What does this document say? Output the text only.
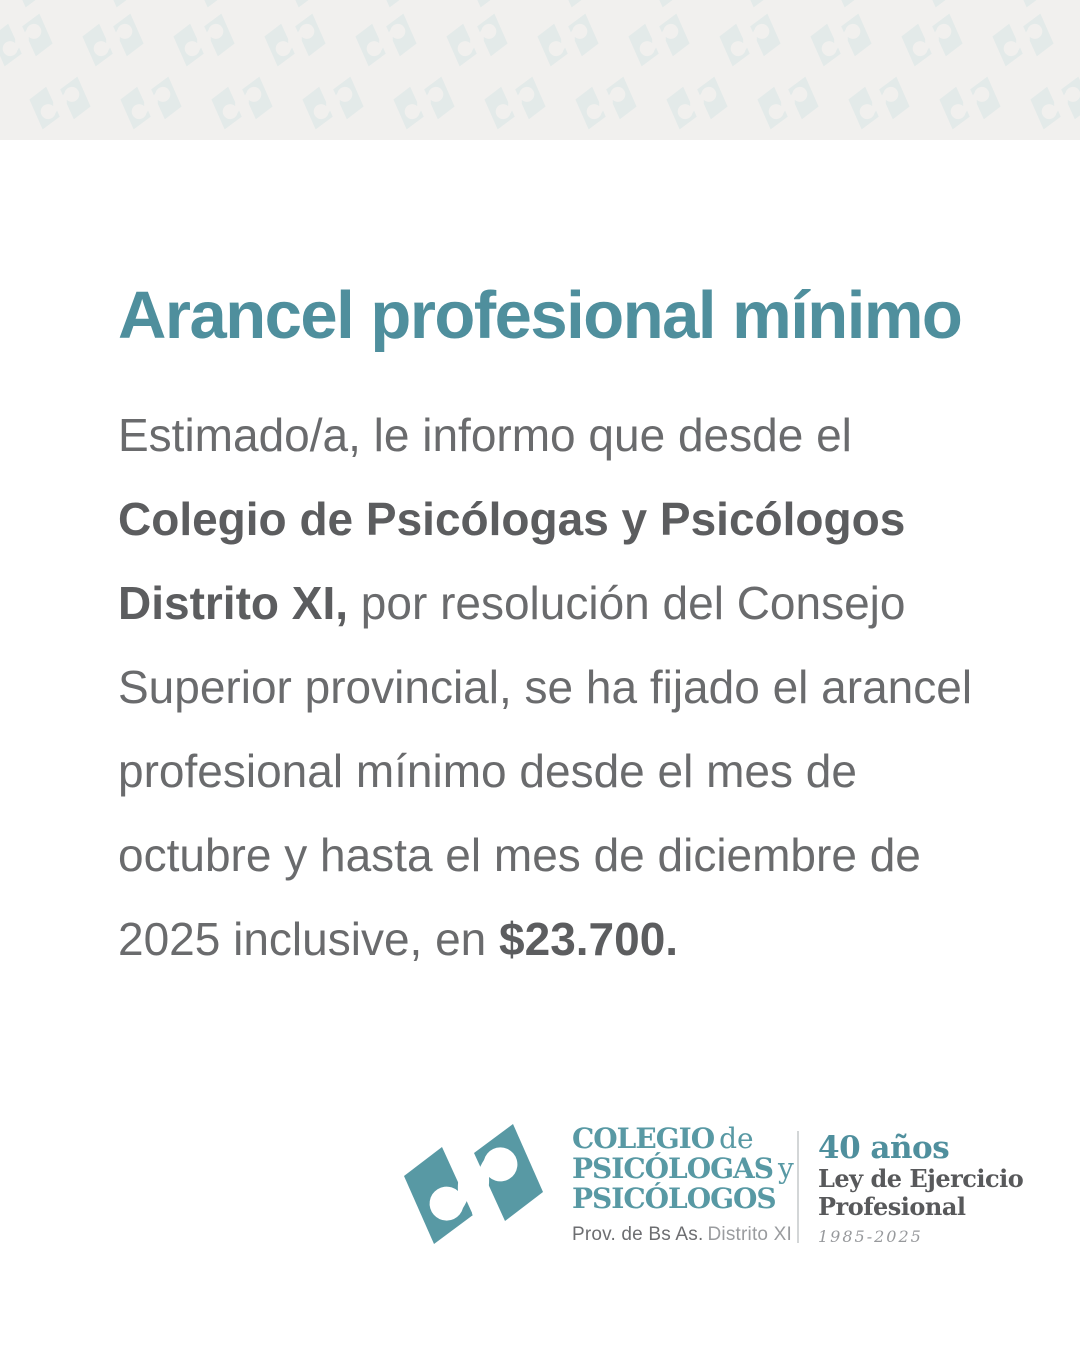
Arancel profesional mínimo

Estimado/a, le informo que desde el Colegio de Psicólogas y Psicólogos Distrito XI, por resolución del Consejo Superior provincial, se ha fijado el arancel profesional mínimo desde el mes de octubre y hasta el mes de diciembre de 2025 inclusive, en $23.700.

COLEGIO de
PSICÓLOGAS y
PSICÓLOGOS
Prov. de Bs As. Distrito XI
40 años
Ley de Ejercicio
Profesional
1985-2025
